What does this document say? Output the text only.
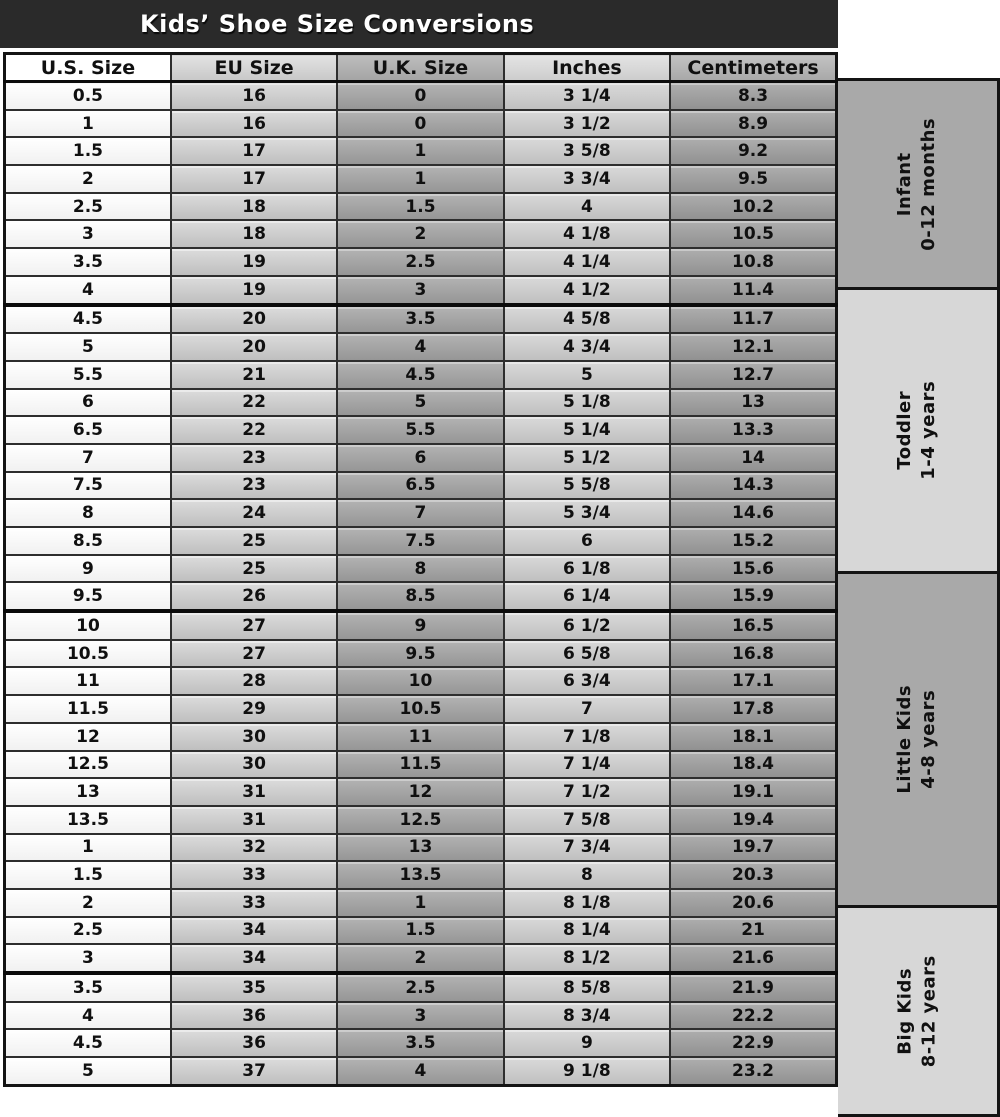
Kids’ Shoe Size Conversions
U.S. Size	EU Size	U.K. Size	Inches	Centimeters
0.5	16	0	3 1/4	8.3
1	16	0	3 1/2	8.9
1.5	17	1	3 5/8	9.2
2	17	1	3 3/4	9.5
2.5	18	1.5	4	10.2
3	18	2	4 1/8	10.5
3.5	19	2.5	4 1/4	10.8
4	19	3	4 1/2	11.4
4.5	20	3.5	4 5/8	11.7
5	20	4	4 3/4	12.1
5.5	21	4.5	5	12.7
6	22	5	5 1/8	13
6.5	22	5.5	5 1/4	13.3
7	23	6	5 1/2	14
7.5	23	6.5	5 5/8	14.3
8	24	7	5 3/4	14.6
8.5	25	7.5	6	15.2
9	25	8	6 1/8	15.6
9.5	26	8.5	6 1/4	15.9
10	27	9	6 1/2	16.5
10.5	27	9.5	6 5/8	16.8
11	28	10	6 3/4	17.1
11.5	29	10.5	7	17.8
12	30	11	7 1/8	18.1
12.5	30	11.5	7 1/4	18.4
13	31	12	7 1/2	19.1
13.5	31	12.5	7 5/8	19.4
1	32	13	7 3/4	19.7
1.5	33	13.5	8	20.3
2	33	1	8 1/8	20.6
2.5	34	1.5	8 1/4	21
3	34	2	8 1/2	21.6
3.5	35	2.5	8 5/8	21.9
4	36	3	8 3/4	22.2
4.5	36	3.5	9	22.9
5	37	4	9 1/8	23.2
Infant 0-12 months
Toddler 1-4 years
Little Kids 4-8 years
Big Kids 8-12 years
